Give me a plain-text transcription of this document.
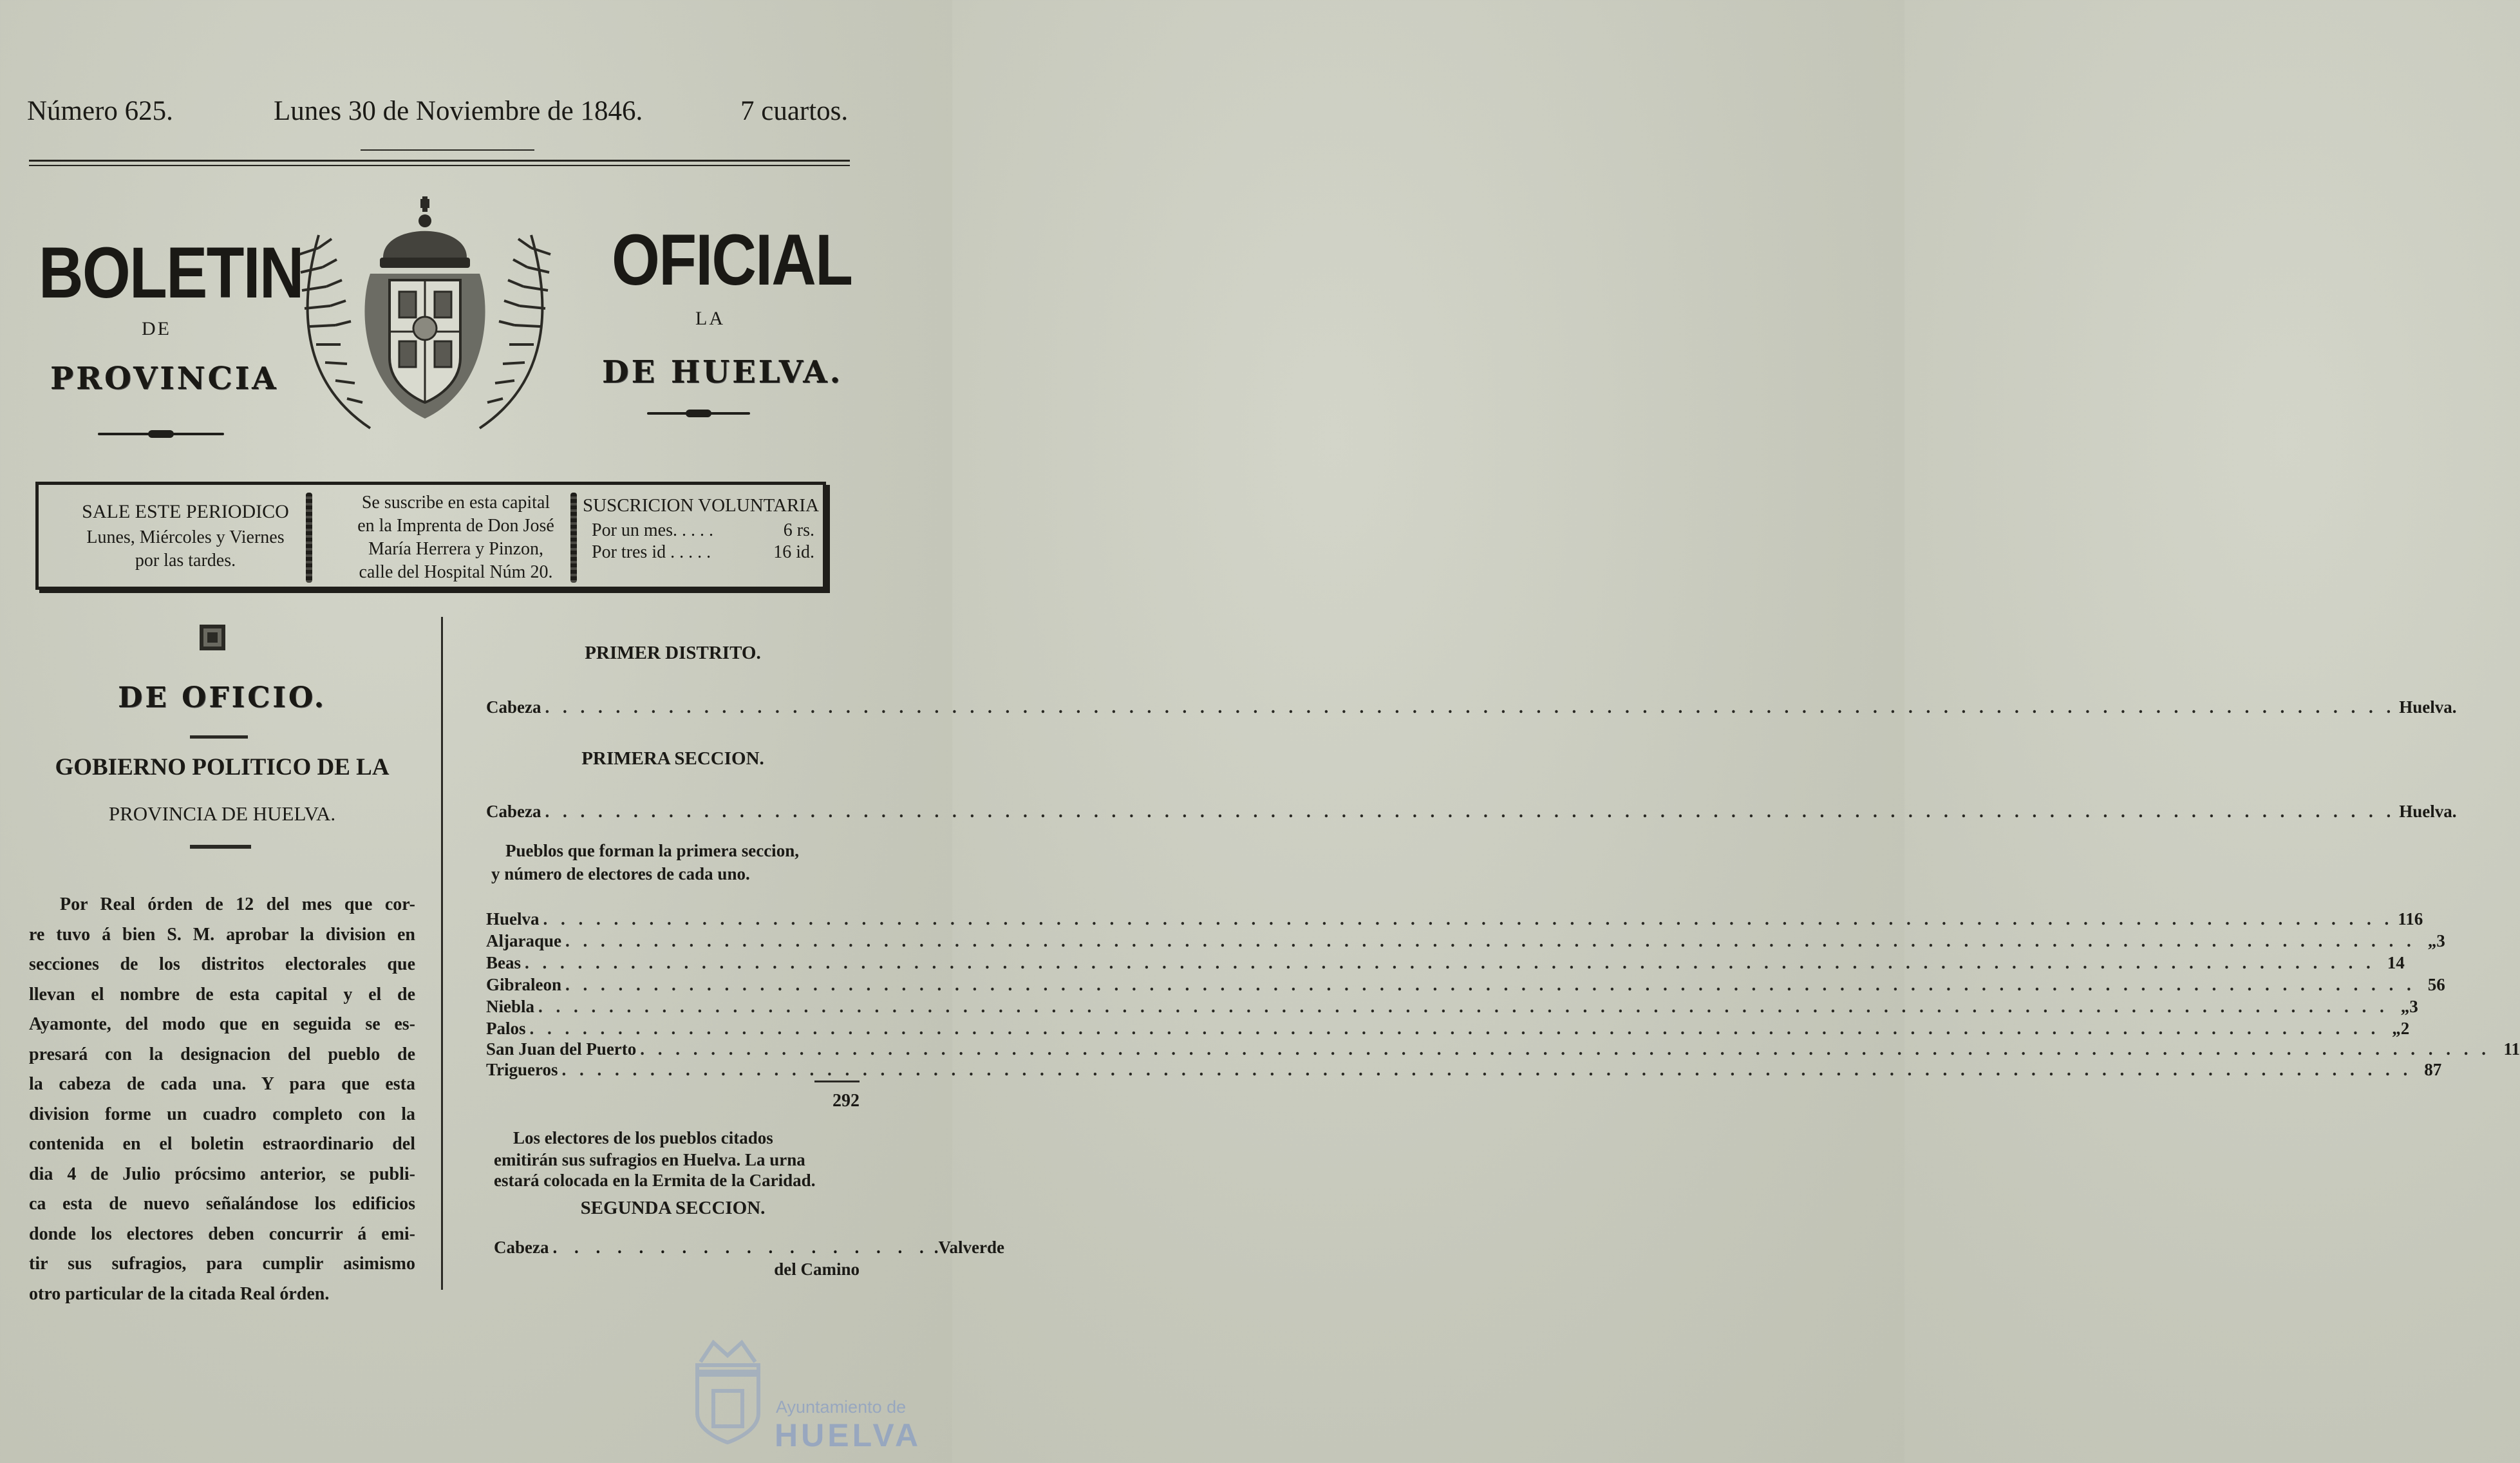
Número 625.	Lunes 30 de Noviembre de 1846.	7 cuartos.
BOLETIN	OFICIAL
DE	LA
PROVINCIA	DE HUELVA.
SALE ESTE PERIODICO
Lunes, Miércoles y Viernes
por las tardes.
Se suscribe en esta capital
en la Imprenta de Don José
María Herrera y Pinzon,
calle del Hospital Núm 20.
SUSCRICION VOLUNTARIA
Por un mes. . . . .	6 rs.
Por tres id . . . . .	16 id.
DE OFICIO.
GOBIERNO POLITICO DE LA
PROVINCIA DE HUELVA.

Por Real órden de 12 del mes que cor-

re tuvo á bien S. M. aprobar la division en

secciones de los distritos electorales que

llevan el nombre de esta capital y el de

Ayamonte, del modo que en seguida se es-

presará con la designacion del pueblo de

la cabeza de cada una. Y para que esta

division forme un cuadro completo con la

contenida en el boletin estraordinario del

dia 4 de Julio prócsimo anterior, se publi-

ca esta de nuevo señalándose los edificios

donde los electores deben concurrir á emi-

tir sus sufragios, para cumplir asimismo

otro particular de la citada Real órden.

PRIMER DISTRITO.
Cabeza . . .	Huelva.
PRIMERA SECCION.
Cabeza . . .	Huelva.
Pueblos que forman la primera seccion,
y número de electores de cada uno.
Huelva . . .	116
Aljaraque . . .	„3
Beas . . .	14
Gibraleon . . .	56
Niebla . . .	„3
Palos . . .	„2
San Juan del Puerto . . .	11
Trigueros . . .	87
292
Los electores de los pueblos citados
emitirán sus sufragios en Huelva. La urna
estará colocada en la Ermita de la Caridad.
SEGUNDA SECCION.
Cabeza . . . . . . . . . . . . . . . . . . .Valverde
del Camino
Ayuntamiento de
HUELVA
